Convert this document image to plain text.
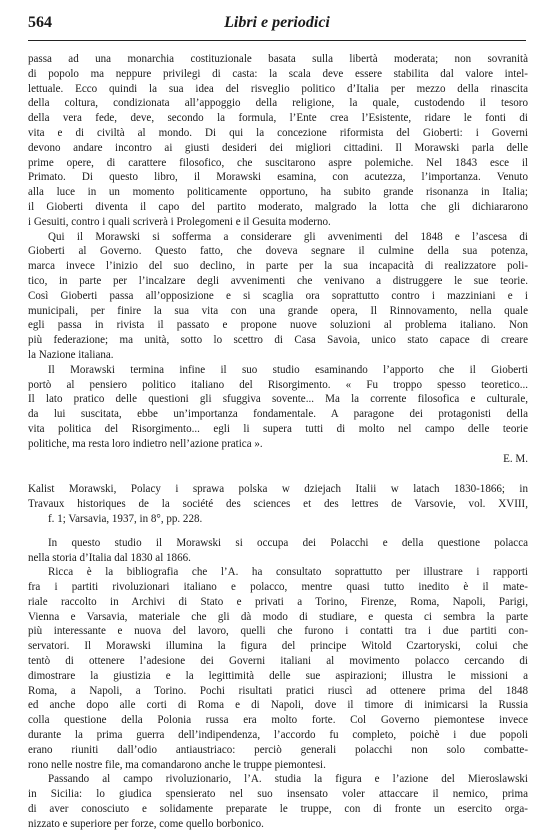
564	Libri e periodici
passa ad una monarchia costituzionale basata sulla libertà moderata; non sovranità
di popolo ma neppure privilegi di casta: la scala deve essere stabilita dal valore intel-
lettuale. Ecco quindi la sua idea del risveglio politico d’Italia per mezzo della rinascita
della coltura, condizionata all’appoggio della religione, la quale, custodendo il tesoro
della vera fede, deve, secondo la formula, l’Ente crea l’Esistente, ridare le fonti di
vita e di civiltà al mondo. Di qui la concezione riformista del Gioberti: i Governi
devono andare incontro ai giusti desideri dei migliori cittadini. Il Morawski parla delle
prime opere, di carattere filosofico, che suscitarono aspre polemiche. Nel 1843 esce il
Primato. Di questo libro, il Morawski esamina, con acutezza, l’importanza. Venuto
alla luce in un momento politicamente opportuno, ha subito grande risonanza in Italia;
il Gioberti diventa il capo del partito moderato, malgrado la lotta che gli dichiararono
i Gesuiti, contro i quali scriverà i Prolegomeni e il Gesuita moderno.
Qui il Morawski si sofferma a considerare gli avvenimenti del 1848 e l’ascesa di
Gioberti al Governo. Questo fatto, che doveva segnare il culmine della sua potenza,
marca invece l’inizio del suo declino, in parte per la sua incapacità di realizzatore poli-
tico, in parte per l’incalzare degli avvenimenti che venivano a distruggere le sue teorie.
Così Gioberti passa all’opposizione e si scaglia ora soprattutto contro i mazziniani e i
municipali, per finire la sua vita con una grande opera, Il Rinnovamento, nella quale
egli passa in rivista il passato e propone nuove soluzioni al problema italiano. Non
più federazione; ma unità, sotto lo scettro di Casa Savoia, unico stato capace di creare
la Nazione italiana.
Il Morawski termina infine il suo studio esaminando l’apporto che il Gioberti
portò al pensiero politico italiano del Risorgimento. « Fu troppo spesso teoretico...
Il lato pratico delle questioni gli sfuggiva sovente... Ma la corrente filosofica e culturale,
da lui suscitata, ebbe un’importanza fondamentale. A paragone dei protagonisti della
vita politica del Risorgimento... egli li supera tutti di molto nel campo delle teorie
politiche, ma resta loro indietro nell’azione pratica ».
E. M.
Kalist Morawski, Polacy i sprawa polska w dziejach Italii w latach 1830-1866; in
Travaux historiques de la société des sciences et des lettres de Varsovie, vol. XVIII,
f. 1; Varsavia, 1937, in 8°, pp. 228.
In questo studio il Morawski si occupa dei Polacchi e della questione polacca
nella storia d’Italia dal 1830 al 1866.
Ricca è la bibliografia che l’A. ha consultato soprattutto per illustrare i rapporti
fra i partiti rivoluzionari italiano e polacco, mentre quasi tutto inedito è il mate-
riale raccolto in Archivi di Stato e privati a Torino, Firenze, Roma, Napoli, Parigi,
Vienna e Varsavia, materiale che gli dà modo di studiare, e questa ci sembra la parte
più interessante e nuova del lavoro, quelli che furono i contatti tra i due partiti con-
servatori. Il Morawski illumina la figura del principe Witold Czartoryski, colui che
tentò di ottenere l’adesione dei Governi italiani al movimento polacco cercando di
dimostrare la giustizia e la legittimità delle sue aspirazioni; illustra le missioni a
Roma, a Napoli, a Torino. Pochi risultati pratici riuscì ad ottenere prima del 1848
ed anche dopo alle corti di Roma e di Napoli, dove il timore di inimicarsi la Russia
colla questione della Polonia russa era molto forte. Col Governo piemontese invece
durante la prima guerra dell’indipendenza, l’accordo fu completo, poichè i due popoli
erano riuniti dall’odio antiaustriaco: perciò generali polacchi non solo combatte-
rono nelle nostre file, ma comandarono anche le truppe piemontesi.
Passando al campo rivoluzionario, l’A. studia la figura e l’azione del Mieroslawski
in Sicilia: lo giudica spensierato nel suo insensato voler attaccare il nemico, prima
di aver conosciuto e solidamente preparate le truppe, con di fronte un esercito orga-
nizzato e superiore per forze, come quello borbonico.
